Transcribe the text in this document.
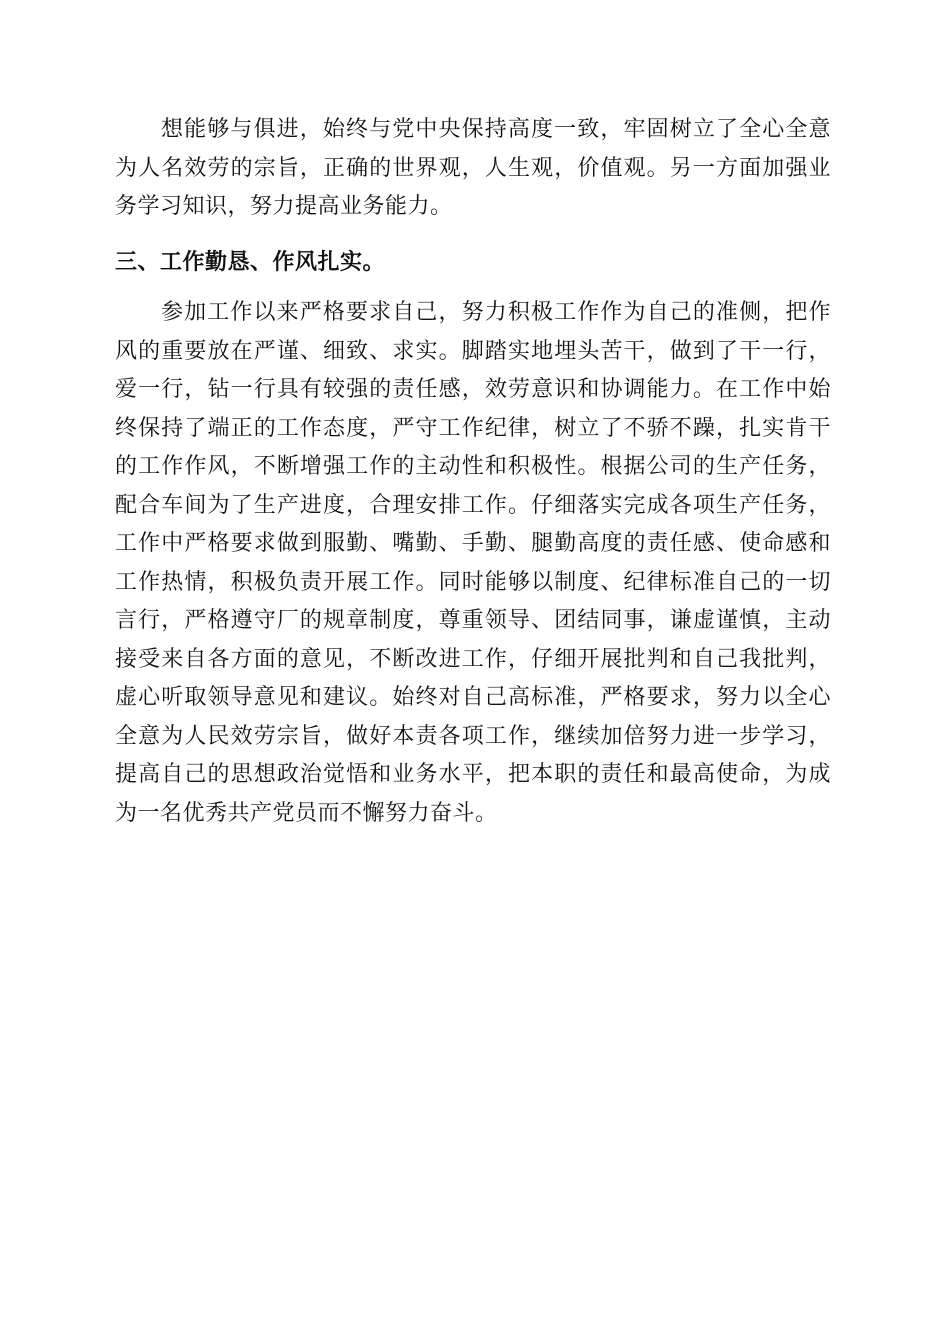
想能够与俱进，始终与党中央保持高度一致，牢固树立了全心全意为人名效劳的宗旨，正确的世界观，人生观，价值观。另一方面加强业务学习知识，努力提高业务能力。

三、工作勤恳、作风扎实。

参加工作以来严格要求自己，努力积极工作作为自己的准侧，把作风的重要放在严谨、细致、求实。脚踏实地埋头苦干，做到了干一行，爱一行，钻一行具有较强的责任感，效劳意识和协调能力。在工作中始终保持了端正的工作态度，严守工作纪律，树立了不骄不躁，扎实肯干的工作作风，不断增强工作的主动性和积极性。根据公司的生产任务，配合车间为了生产进度，合理安排工作。仔细落实完成各项生产任务，工作中严格要求做到服勤、嘴勤、手勤、腿勤高度的责任感、使命感和工作热情，积极负责开展工作。同时能够以制度、纪律标准自己的一切言行，严格遵守厂的规章制度，尊重领导、团结同事，谦虚谨慎，主动接受来自各方面的意见，不断改进工作，仔细开展批判和自己我批判，虚心听取领导意见和建议。始终对自己高标准，严格要求，努力以全心全意为人民效劳宗旨，做好本责各项工作，继续加倍努力进一步学习，提高自己的思想政治觉悟和业务水平，把本职的责任和最高使命，为成为一名优秀共产党员而不懈努力奋斗。
